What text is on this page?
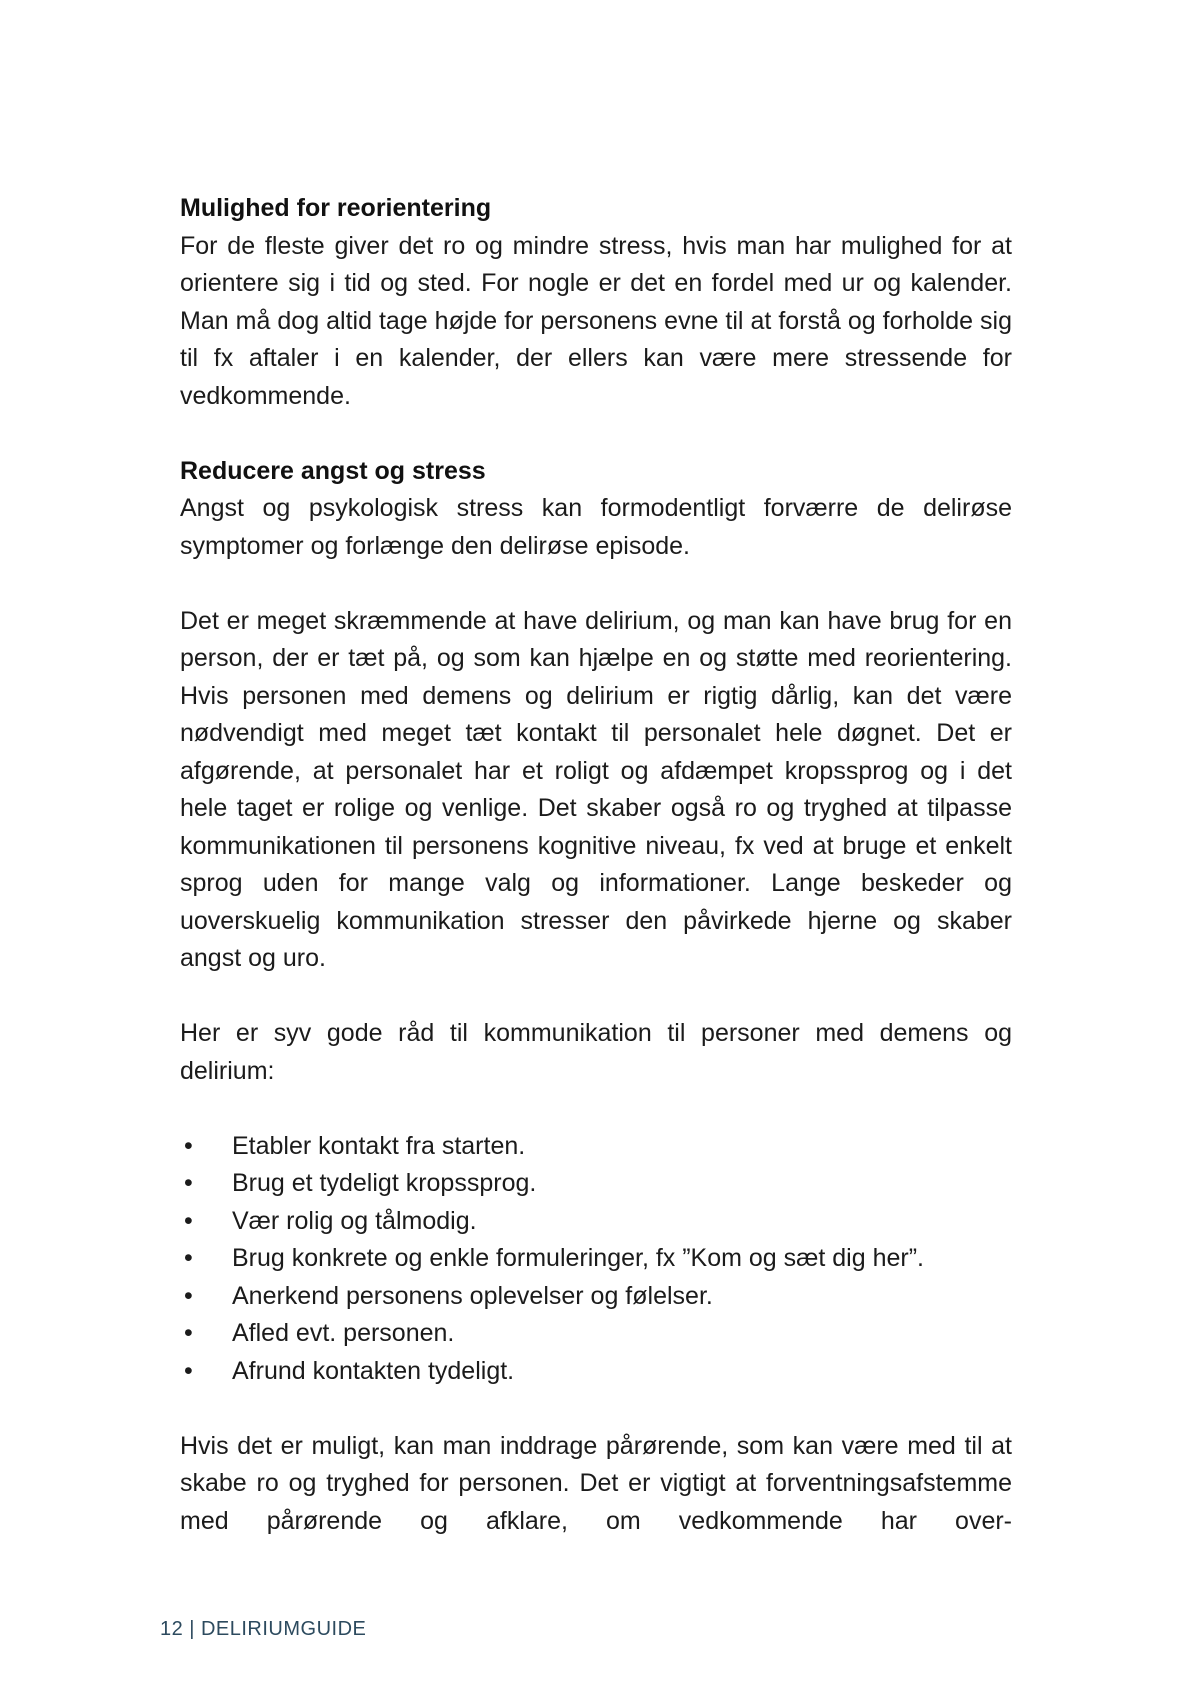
Mulighed for reorientering

For de fleste giver det ro og mindre stress, hvis man har mulighed for at orientere sig i tid og sted. For nogle er det en fordel med ur og kalender. Man må dog altid tage højde for personens evne til at forstå og forholde sig til fx aftaler i en kalender, der ellers kan være mere stressende for vedkommende.

Reducere angst og stress

Angst og psykologisk stress kan formodentligt forværre de delirøse symptomer og forlænge den delirøse episode.

Det er meget skræmmende at have delirium, og man kan have brug for en person, der er tæt på, og som kan hjælpe en og støtte med reorientering. Hvis personen med demens og delirium er rigtig dårlig, kan det være nødvendigt med meget tæt kontakt til personalet hele døgnet. Det er afgørende, at personalet har et roligt og afdæmpet kropssprog og i det hele taget er rolige og venlige. Det skaber også ro og tryghed at tilpasse kommunikationen til personens kognitive niveau, fx ved at bruge et enkelt sprog uden for mange valg og informationer. Lange beskeder og uoverskuelig kommunikation stresser den påvirkede hjerne og skaber angst og uro.

Her er syv gode råd til kommunikation til personer med demens og delirium:

• Etabler kontakt fra starten.
• Brug et tydeligt kropssprog.
• Vær rolig og tålmodig.
• Brug konkrete og enkle formuleringer, fx ”Kom og sæt dig her”.
• Anerkend personens oplevelser og følelser.
• Afled evt. personen.
• Afrund kontakten tydeligt.

Hvis det er muligt, kan man inddrage pårørende, som kan være med til at skabe ro og tryghed for personen. Det er vigtigt at forventningsafstemme med pårørende og afklare, om vedkommende har over-

12 | DELIRIUMGUIDE
